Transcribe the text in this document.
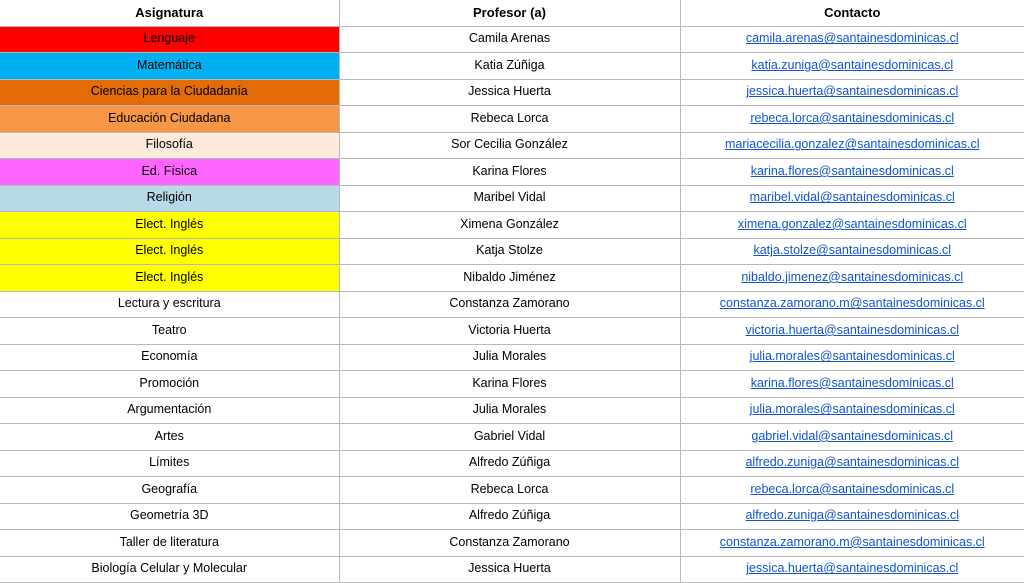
Asignatura	Profesor (a)	Contacto
Lenguaje	Camila Arenas	camila.arenas@santainesdominicas.cl
Matemática	Katia Zúñiga	katia.zuniga@santainesdominicas.cl
Ciencias para la Ciudadanía	Jessica Huerta	jessica.huerta@santainesdominicas.cl
Educación Ciudadana	Rebeca Lorca	rebeca.lorca@santainesdominicas.cl
Filosofía	Sor Cecilia González	mariacecilia.gonzalez@santainesdominicas.cl
Ed. Física	Karina Flores	karina.flores@santainesdominicas.cl
Religión	Maribel Vidal	maribel.vidal@santainesdominicas.cl
Elect. Inglés	Ximena González	ximena.gonzalez@santainesdominicas.cl
Elect. Inglés	Katja Stolze	katja.stolze@santainesdominicas.cl
Elect. Inglés	Nibaldo Jiménez	nibaldo.jimenez@santainesdominicas.cl
Lectura y escritura	Constanza Zamorano	constanza.zamorano.m@santainesdominicas.cl
Teatro	Victoria Huerta	victoria.huerta@santainesdominicas.cl
Economía	Julia Morales	julia.morales@santainesdominicas.cl
Promoción	Karina Flores	karina.flores@santainesdominicas.cl
Argumentación	Julia Morales	julia.morales@santainesdominicas.cl
Artes	Gabriel Vidal	gabriel.vidal@santainesdominicas.cl
Límites	Alfredo Zúñiga	alfredo.zuniga@santainesdominicas.cl
Geografía	Rebeca Lorca	rebeca.lorca@santainesdominicas.cl
Geometría 3D	Alfredo Zúñiga	alfredo.zuniga@santainesdominicas.cl
Taller de literatura	Constanza Zamorano	constanza.zamorano.m@santainesdominicas.cl
Biología Celular y Molecular	Jessica Huerta	jessica.huerta@santainesdominicas.cl
